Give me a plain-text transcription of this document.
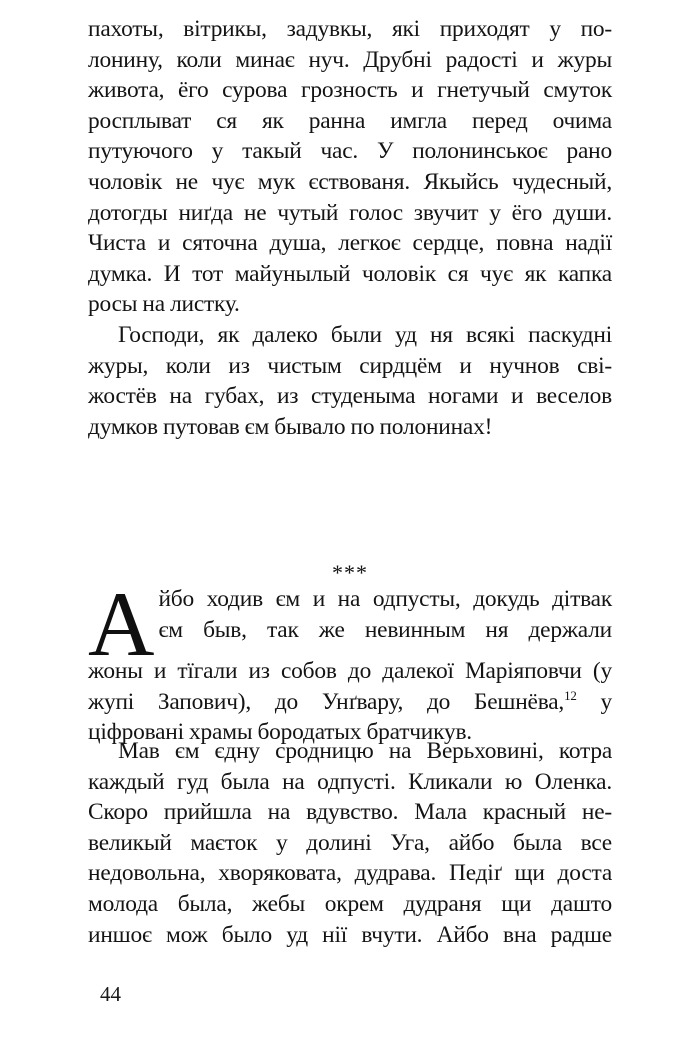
пахоты, вітрикы, задувкы, які приходят у по-

лонину, коли минає нуч. Друбні радості и журы

живота, ёго сурова грозность и гнетучый смуток

росплыват ся як ранна имгла перед очима

путуючого у такый час. У полонинськоє рано

чоловік не чує мук єствованя. Якыйсь чудесный,

дотогды ниґда не чутый голос звучит у ёго души.

Чиста и сяточна душа, легкоє сердце, повна надії

думка. И тот майунылый чоловік ся чує як капка

росы на листку.

Господи, як далеко были уд ня всякі паскудні

журы, коли из чистым сирдцём и нучнов сві-

жостёв на губах, из студеныма ногами и веселов

думков путовав єм бывало по полонинах!

***
А йбо ходив єм и на одпусты, докудь дітвак

єм быв, так же невинным ня держали

жоны и тїгали из собов до далекої Маріяповчи (у

жупі Запович), до Унґвару, до Бешнёва,$^{12}$ у

ціфровані храмы бородатых братчикув.

Мав єм єдну сродницю на Верьховині, котра

каждый гуд была на одпусті. Кликали ю Оленка.

Скоро прийшла на вдувство. Мала красный не-

великый маєток у долині Уга, айбо была все

недовольна, хворяковата, дудрава. Педіґ щи доста

молода была, жебы окрем дудраня щи дашто

иншоє мож было уд нії вчути. Айбо вна радше

44
